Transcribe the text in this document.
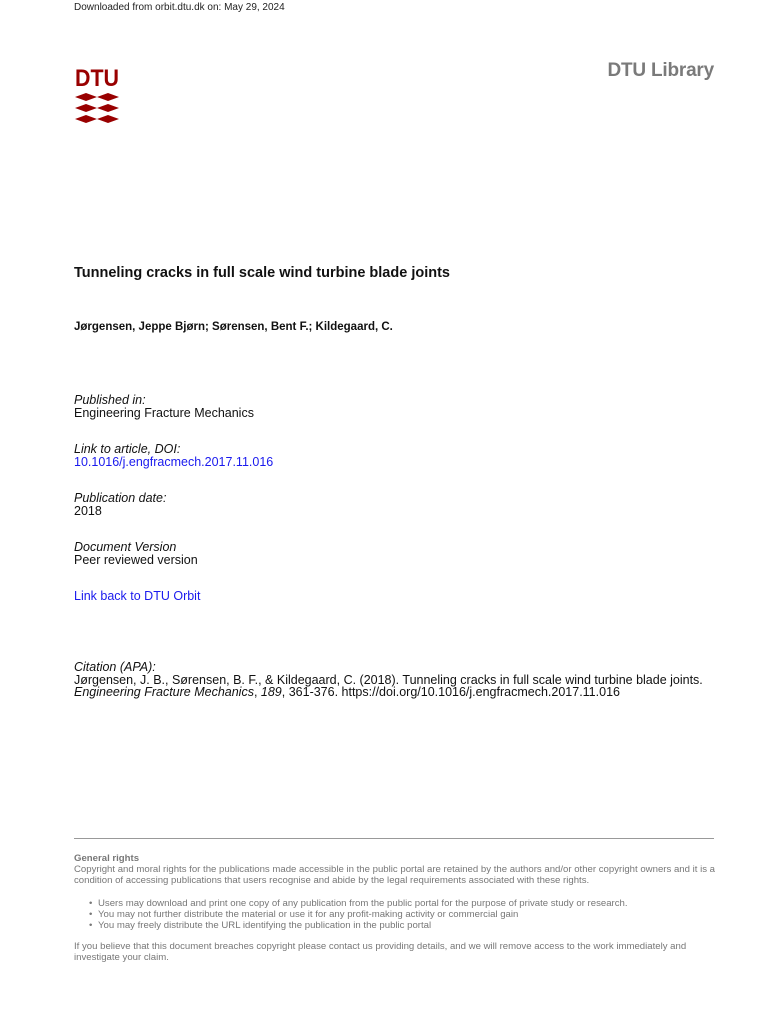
Downloaded from orbit.dtu.dk on: May 29, 2024
DTU	DTU Library
Tunneling cracks in full scale wind turbine blade joints
Jørgensen, Jeppe Bjørn; Sørensen, Bent F.; Kildegaard, C.
Published in:
Engineering Fracture Mechanics
Link to article, DOI:
10.1016/j.engfracmech.2017.11.016
Publication date:
2018
Document Version
Peer reviewed version
Link back to DTU Orbit
Citation (APA):
Jørgensen, J. B., Sørensen, B. F., & Kildegaard, C. (2018). Tunneling cracks in full scale wind turbine blade joints. Engineering Fracture Mechanics, 189, 361-376. https://doi.org/10.1016/j.engfracmech.2017.11.016
General rights
Copyright and moral rights for the publications made accessible in the public portal are retained by the authors and/or other copyright owners and it is a condition of accessing publications that users recognise and abide by the legal requirements associated with these rights.
• Users may download and print one copy of any publication from the public portal for the purpose of private study or research.
• You may not further distribute the material or use it for any profit-making activity or commercial gain
• You may freely distribute the URL identifying the publication in the public portal
If you believe that this document breaches copyright please contact us providing details, and we will remove access to the work immediately and investigate your claim.
